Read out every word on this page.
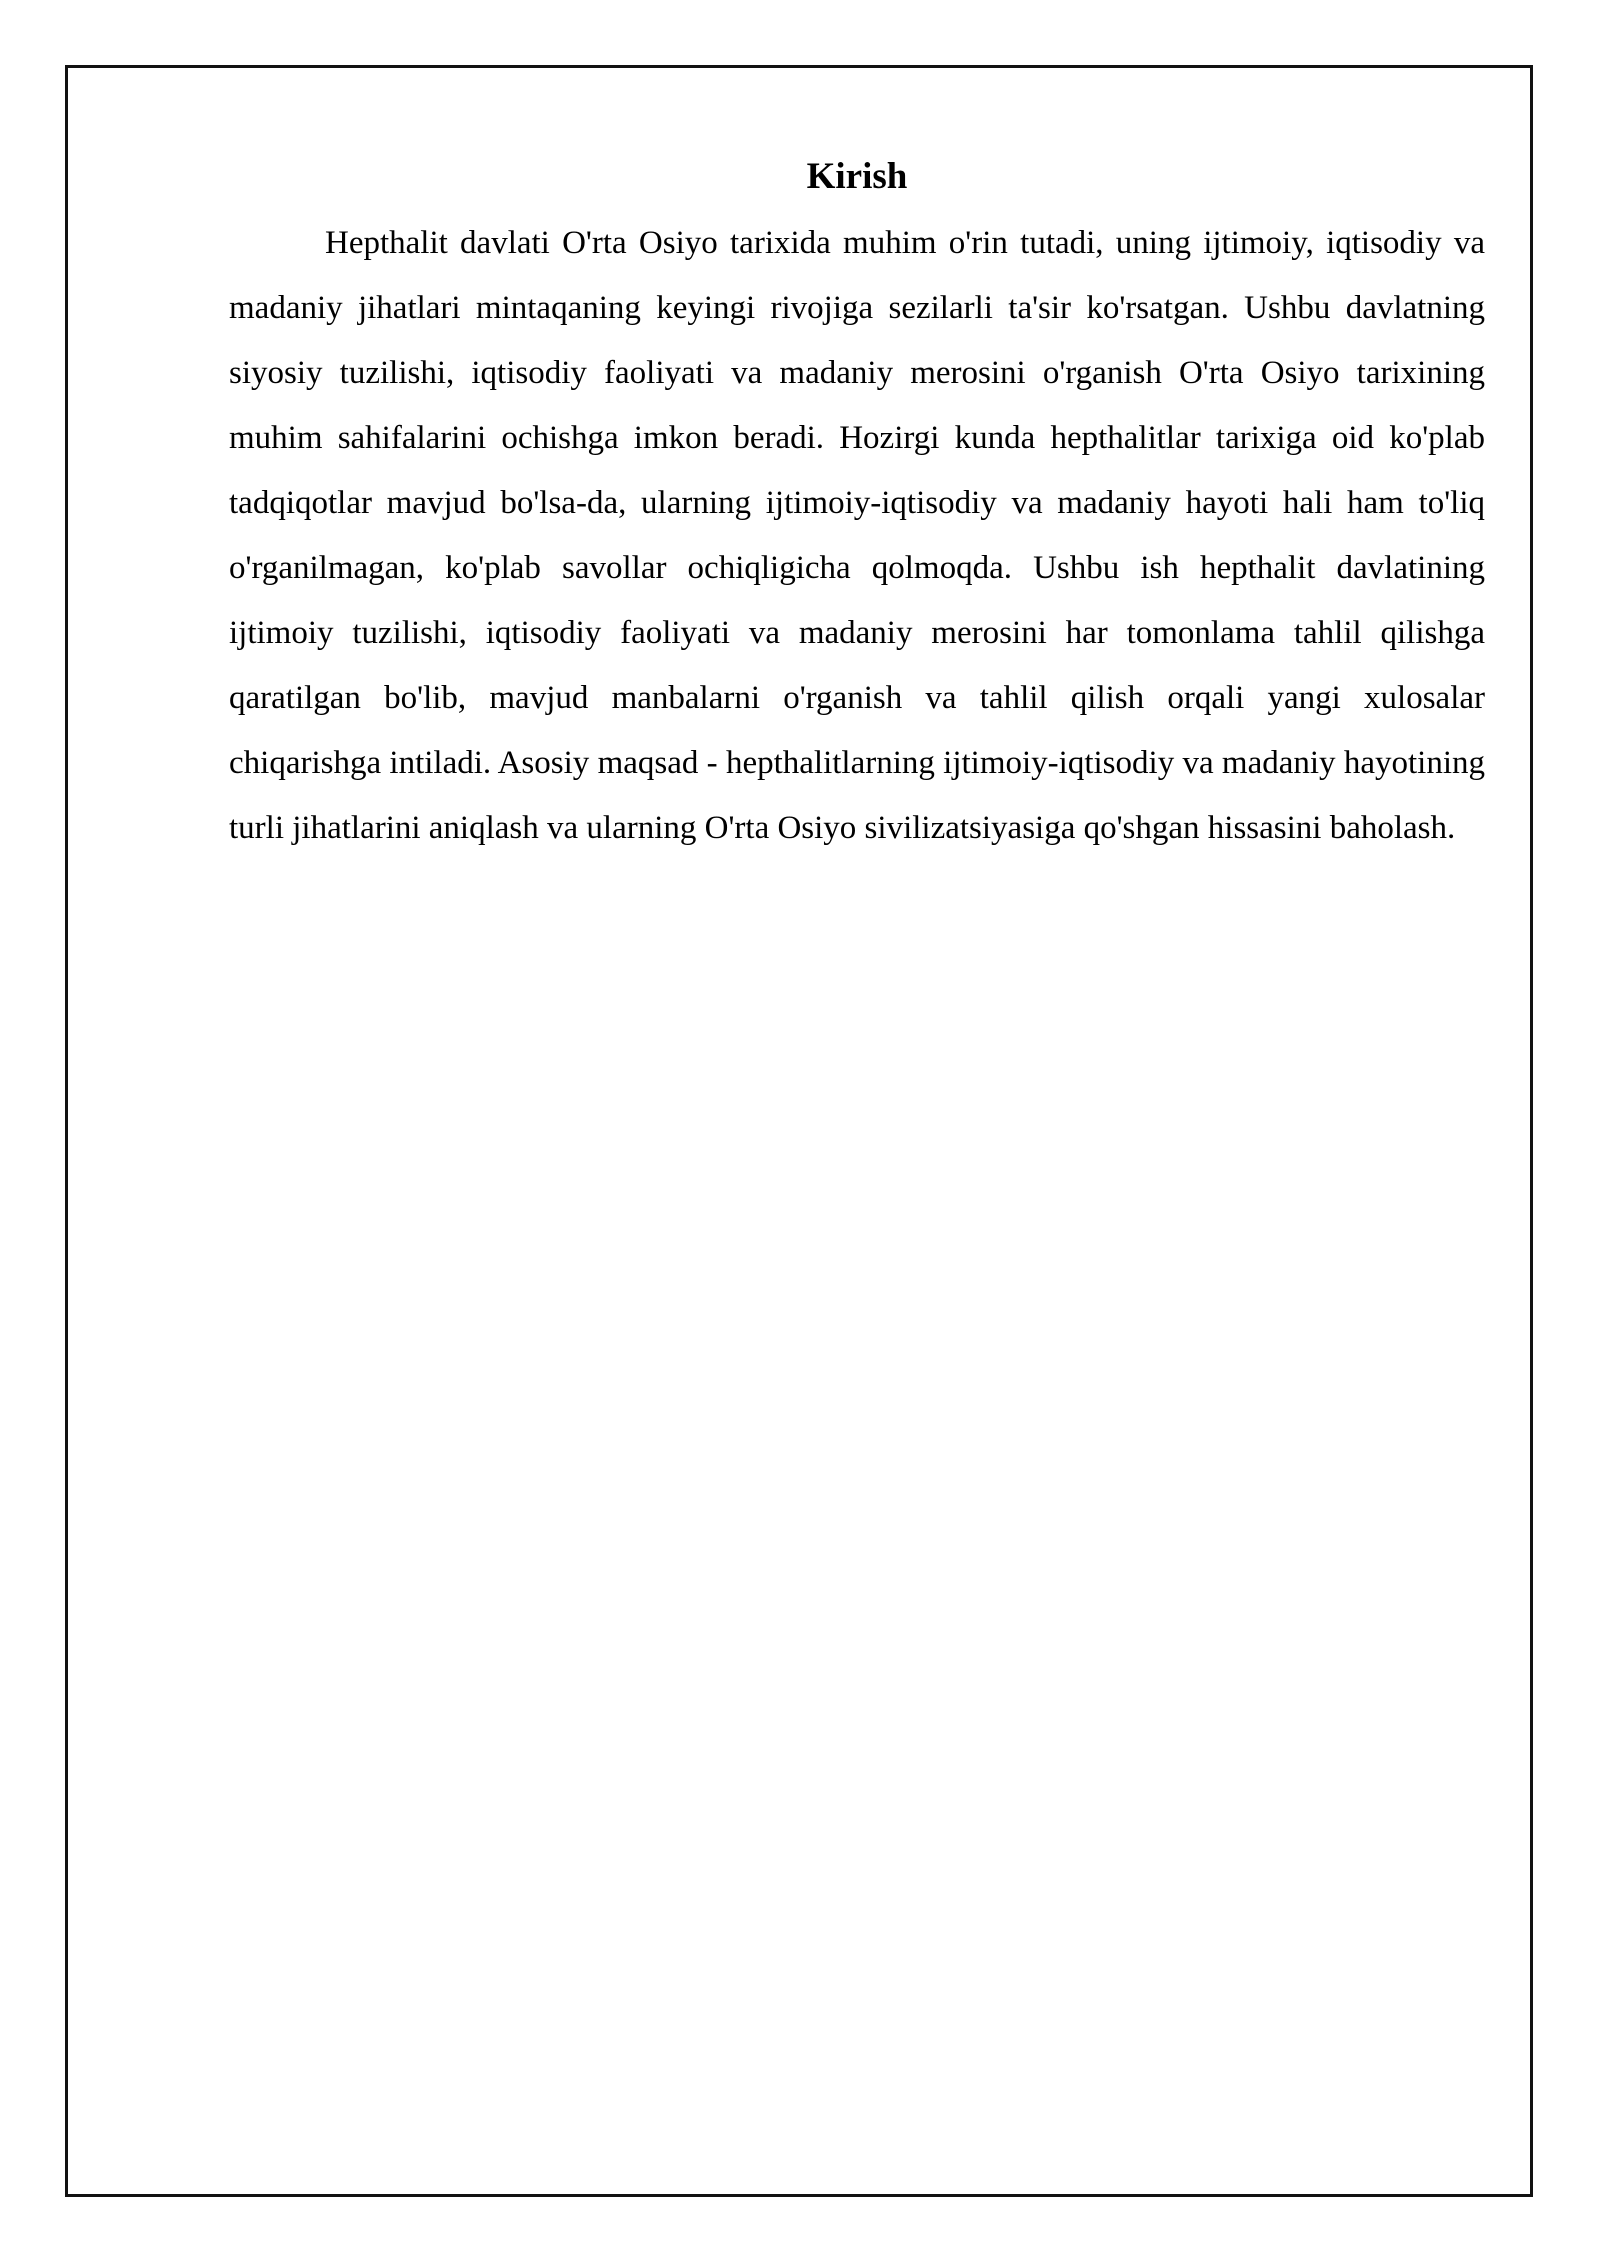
Kirish

Hepthalit davlati O'rta Osiyo tarixida muhim o'rin tutadi, uning ijtimoiy, iqtisodiy va madaniy jihatlari mintaqaning keyingi rivojiga sezilarli ta'sir ko'rsatgan. Ushbu davlatning siyosiy tuzilishi, iqtisodiy faoliyati va madaniy merosini o'rganish O'rta Osiyo tarixining muhim sahifalarini ochishga imkon beradi. Hozirgi kunda hepthalitlar tarixiga oid ko'plab tadqiqotlar mavjud bo'lsa-da, ularning ijtimoiy-iqtisodiy va madaniy hayoti hali ham to'liq o'rganilmagan, ko'plab savollar ochiqligicha qolmoqda. Ushbu ish hepthalit davlatining ijtimoiy tuzilishi, iqtisodiy faoliyati va madaniy merosini har tomonlama tahlil qilishga qaratilgan bo'lib, mavjud manbalarni o'rganish va tahlil qilish orqali yangi xulosalar chiqarishga intiladi. Asosiy maqsad - hepthalitlarning ijtimoiy-iqtisodiy va madaniy hayotining turli jihatlarini aniqlash va ularning O'rta Osiyo sivilizatsiyasiga qo'shgan hissasini baholash.
